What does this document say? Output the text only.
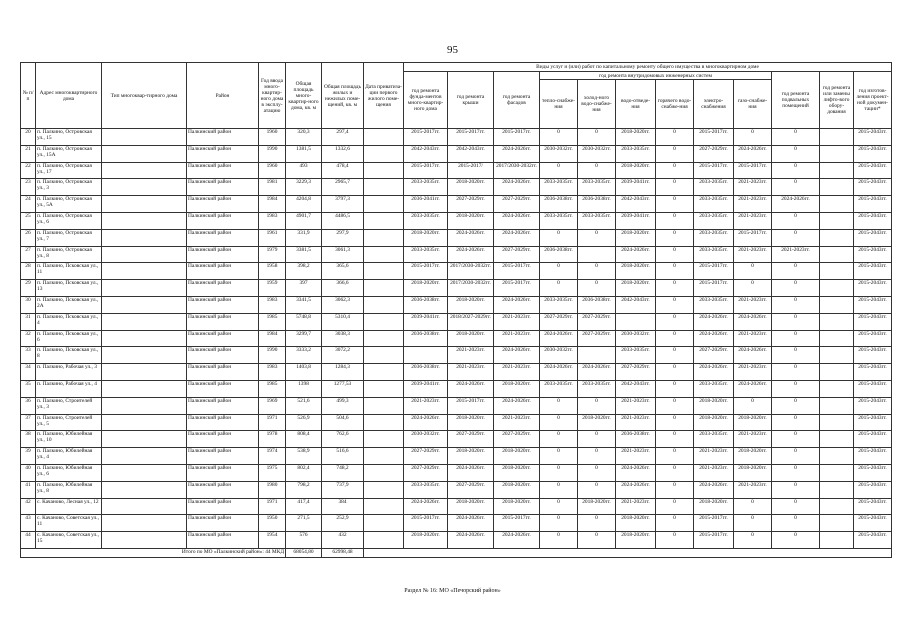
95
№ п/п	Адрес многоквартирного дома	Тип многоквар-тирного дома	Район	Год ввода много-квартир-ного дома в эксплу-атацию	Общая площадь много-квартир-ного дома, кв. м	Общая площадь жилых и нежилых поме-щений, кв. м	Дата приватиза-ции первого жилого поме-щения	Виды услуг и (или) работ по капитальному ремонту общего имущества в многоквартирном доме											
								год ремонта фунда-ментов много-квартир-ного дома	год ремонта крыши	год ремонта фасадов	год ремонта внутридомовых инженерных систем						год ремонта подвальных помещений	год ремонта или замены лифто-вого обору-дования	год изготов-ления проект-ной докумен-тации*
											тепло-снабже-ния	холод-ного водо-снабже-ния	водо-отведе-ния	горячего водо-снабже-ния	электро-снабжения	газо-снабже-ния			
20	п. Палкино, Островская ул., 15		Палкинский район	1960	320,3	297,4		2015-2017гг.	2015-2017гг.	2015-2017гг.	0	0	2018-2020гг.	0	2015-2017гг.	0	0		2015-2043гг.
21	п. Палкино, Островская ул., 15А		Палкинский район	1990	1381,5	1332,6		2042-2043гг.	2042-2043гг.	2024-2026гг.	2030-2032гг.	2030-2032гг.	2033-2035гг.	0	2027-2029гг.	2024-2026гг.	0		2015-2043гг.
22	п. Палкино, Островская ул., 17		Палкинский район	1960	493	478,4		2015-2017гг.	2015-2017/	2017/2030-2032гг.	0	0	2018-2020гг.	0	2015-2017гг.	2015-2017гг.	0		2015-2043гг.
23	п. Палкино, Островская ул., 3		Палкинский район	1981	3229,3	2965,7		2033-2035гг.	2018-2020гг.	2024-2026гг.	2033-2035гг.	2033-2035гг.	2039-2041гг.	0	2033-2035гг.	2021-2023гг.	0		2015-2043гг.
24	п. Палкино, Островская ул., 5А		Палкинский район	1984	4204,8	3797,3		2036-2041гг.	2027-2029гг.	2027-2029гг.	2036-2038гг.	2036-2038гг.	2042-2043гг.	0	2033-2035гг.	2021-2023гг.	2024-2026гг.		2015-2043гг.
25	п. Палкино, Островская ул., 6		Палкинский район	1983	4901,7	4486,5		2033-2035гг.	2018-2020гг.	2024-2026гг.	2033-2035гг.	2033-2035гг.	2039-2041гг.	0	2033-2035гг.	2021-2023гг.	0		2015-2043гг.
26	п. Палкино, Островская ул., 7		Палкинский район	1961	331,9	297,9		2018-2020гг.	2024-2026гг.	2024-2026гг.	0	0	2018-2020гг.	0	2033-2035гг.	2015-2017гг.	0		2015-2043гг.
27	п. Палкино, Островская ул., 8		Палкинский район	1979	3381,5	3061,3		2033-2035гг.	2024-2026гг.	2027-2029гг.	2036-2038гг.		2024-2026гг.	0	2033-2035гг.	2021-2023гг.	2021-2023гг.		2015-2043гг.
28	п. Палкино, Псковская ул., 11		Палкинский район	1958	398,2	365,6		2015-2017гг.	2017/2030-2032гг.	2015-2017гг.	0	0	2018-2020гг.	0	2015-2017гг.	0	0		2015-2043гг.
29	п. Палкино, Псковская ул., 13		Палкинский район	1959	397	366,6		2018-2020гг.	2017/2030-2032гг.	2015-2017гг.	0	0	2018-2020гг.	0	2015-2017гг.	0	0		2015-2043гг.
30	п. Палкино, Псковская ул., 2А		Палкинский район	1983	3341,5	3062,3		2036-2038гг.	2018-2020гг.	2024-2026гг.	2033-2035гг.	2036-2038гг.	2042-2043гг.	0	2033-2035гг.	2021-2023гг.	0		2015-2043гг.
31	п. Палкино, Псковская ул., 4		Палкинский район	1985	5748,8	5310,4		2039-2041гг.	2018/2027-2029гг.	2021-2023гг.	2027-2029гг.	2027-2029гг.		0	2024-2026гг.	2024-2026гг.	0		2015-2043гг.
32	п. Палкино, Псковская ул., 6		Палкинский район	1984	3299,7	3038,3		2036-2038гг.	2018-2020гг.	2021-2023гг.	2024-2026гг.	2027-2029гг.	2030-2032гг.	0	2024-2026гг.	2021-2023гг.	0		2015-2043гг.
33	п. Палкино, Псковская ул., 8		Палкинский район	1990	3333,2	3072,2			2021-2023гг.	2024-2026гг.	2030-2032гг.		2033-2035гг.	0	2027-2029гг.	2024-2026гг.	0		2015-2043гг.
34	п. Палкино, Рабочая ул., 3		Палкинский район	1983	1403,8	1284,3		2036-2038гг.	2021-2023гг.	2021-2023гг.	2024-2026гг.	2024-2026гг.	2027-2029гг.	0	2024-2026гг.	2021-2023гг.	0		2015-2043гг.
35	п. Палкино, Рабочая ул., 4		Палкинский район	1985	1398	1277,53		2039-2041гг.	2024-2026гг.	2018-2020гг.	2033-2035гг.	2033-2035гг.	2042-2043гг.	0	2033-2035гг.	2024-2026гг.	0		2015-2043гг.
36	п. Палкино, Строителей ул., 3		Палкинский район	1969	521,6	499,3		2021-2023гг.	2015-2017гг.	2024-2026гг.	0	0	2021-2023гг.	0	2018-2020гг.	0	0		2015-2043гг.
37	п. Палкино, Строителей ул., 5		Палкинский район	1971	526,9	504,6		2024-2026гг.	2018-2020гг.	2021-2023гг.	0	2018-2020гг.	2021-2023гг.	0	2018-2020гг.	2018-2020гг.	0		2015-2043гг.
38	п. Палкино, Юбилейная ул., 10		Палкинский район	1978	808,4	762,6		2030-2032гг.	2027-2029гг.	2027-2029гг.	0	0	2036-2038гг.	0	2033-2035гг.	2021-2023гг.	0		2015-2043гг.
39	п. Палкино, Юбилейная ул., 4		Палкинский район	1974	538,9	516,6		2027-2029гг.	2018-2020гг.	2018-2020гг.	0	0	2021-2023гг.	0	2021-2023гг.	2018-2020гг.	0		2015-2043гг.
40	п. Палкино, Юбилейная ул., 6		Палкинский район	1975	802,4	748,2		2027-2029гг.	2024-2026гг.	2018-2020гг.	0	0	2024-2026гг.	0	2021-2023гг.	2018-2020гг.	0		2015-2043гг.
41	п. Палкино, Юбилейная ул., 8		Палкинский район	1980	798,2	737,9		2033-2035гг.	2027-2029гг.	2018-2020гг.	0	0	2024-2026гг.	0	2024-2026гг.	2021-2023гг.	0		2015-2043гг.
42	с. Качаново, Лесная ул., 12		Палкинский район	1971	417,4	384		2024-2026гг.	2018-2020гг.	2018-2020гг.	0	2018-2020гг.	2021-2023гг.	0	2018-2020гг.	0	0		2015-2043гг.
43	с. Качаново, Советская ул., 11		Палкинский район	1950	271,5	252,9		2015-2017гг.	2024-2026гг.	2015-2017гг.	0	0	2018-2020гг.	0	2015-2017гг.	0	0		2015-2043гг.
44	с. Качаново, Советская ул., 15		Палкинский район	1954	576	432		2018-2020гг.	2024-2026гг.	2024-2026гг.	0	0	2018-2020гг.	0	2015-2017гг.	0	0		2015-2043гг.
Итого по МО «Палкинский район»: 44 МКД					68054,80	62998,48													
Раздел № 16: МО «Печорский район»
